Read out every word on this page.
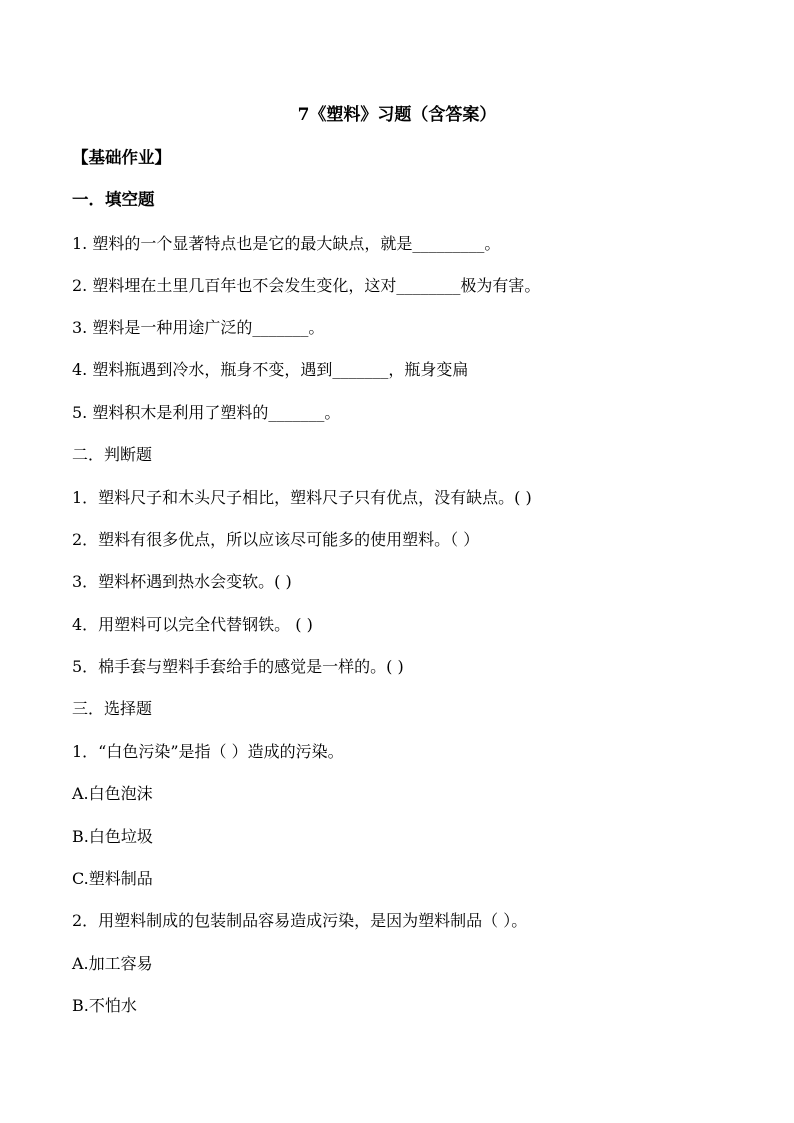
7《塑料》习题（含答案）
【基础作业】
一．填空题
1. 塑料的一个显著特点也是它的最大缺点，就是_________。
2. 塑料埋在土里几百年也不会发生变化，这对________极为有害。
3. 塑料是一种用途广泛的_______。
4. 塑料瓶遇到冷水，瓶身不变，遇到_______，瓶身变扁
5. 塑料积木是利用了塑料的_______。
二．判断题
1．塑料尺子和木头尺子相比，塑料尺子只有优点，没有缺点。( )
2．塑料有很多优点，所以应该尽可能多的使用塑料。（ ）
3．塑料杯遇到热水会变软。( )
4．用塑料可以完全代替钢铁。 ( )
5．棉手套与塑料手套给手的感觉是一样的。( )
三．选择题
1．“白色污染”是指（ ）造成的污染。
A.白色泡沫
B.白色垃圾
C.塑料制品
2．用塑料制成的包装制品容易造成污染，是因为塑料制品（ ）。
A.加工容易
B.不怕水
